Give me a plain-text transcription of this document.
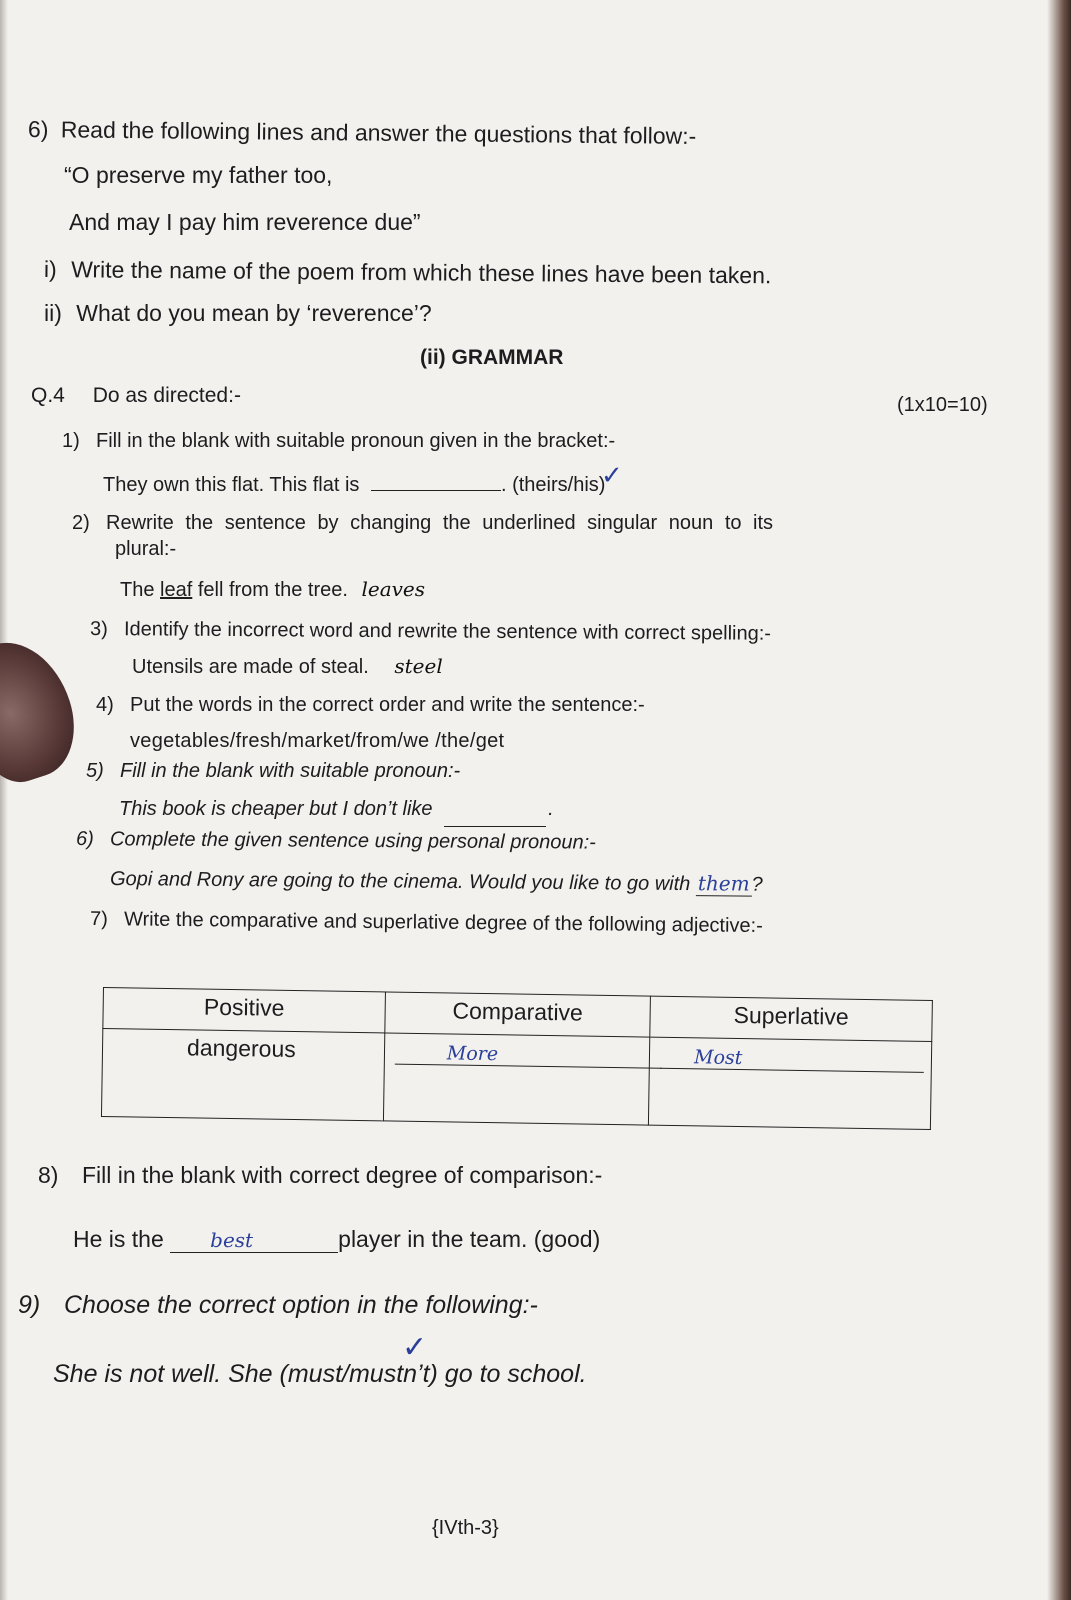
6) Read the following lines and answer the questions that follow:-
“O preserve my father too,
And may I pay him reverence due”
i) Write the name of the poem from which these lines have been taken.
ii) What do you mean by ‘reverence’?
(ii) GRAMMAR
Q.4 Do as directed:-	(1x10=10)
1) Fill in the blank with suitable pronoun given in the bracket:-
They own this flat. This flat is	. (theirs/his)
✓
2) Rewrite the sentence by changing the underlined singular noun to its
plural:-
The leaf fell from the tree. leaves
3) Identify the incorrect word and rewrite the sentence with correct spelling:-
Utensils are made of steal. steel
4) Put the words in the correct order and write the sentence:-
vegetables/fresh/market/from/we /the/get
5) Fill in the blank with suitable pronoun:-
This book is cheaper but I don’t like	.
6) Complete the given sentence using personal pronoun:-
Gopi and Rony are going to the cinema. Would you like to go with them?
7) Write the comparative and superlative degree of the following adjective:-
Positive	Comparative	Superlative
dangerous	More	Most
8) Fill in the blank with correct degree of comparison:-
He is the best	player in the team. (good)
9) Choose the correct option in the following:-
She is not well. She (must/mustn’t) go to school.
✓
{IVth-3}
